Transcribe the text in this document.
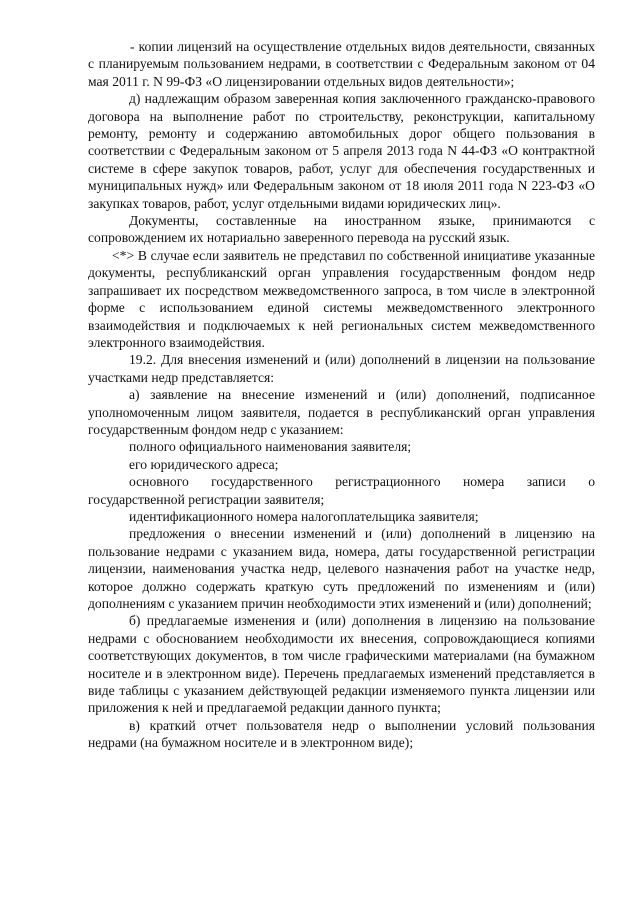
- копии лицензий на осуществление отдельных видов деятельности, связанных с планируемым пользованием недрами, в соответствии с Федеральным законом от 04 мая 2011 г. N 99-ФЗ «О лицензировании отдельных видов деятельности»;

д) надлежащим образом заверенная копия заключенного гражданско-правового договора на выполнение работ по строительству, реконструкции, капитальному ремонту, ремонту и содержанию автомобильных дорог общего пользования в соответствии с Федеральным законом от 5 апреля 2013 года N 44-ФЗ «О контрактной системе в сфере закупок товаров, работ, услуг для обеспечения государственных и муниципальных нужд» или Федеральным законом от 18 июля 2011 года N 223-ФЗ «О закупках товаров, работ, услуг отдельными видами юридических лиц».

Документы, составленные на иностранном языке, принимаются с сопровождением их нотариально заверенного перевода на русский язык.

<*> В случае если заявитель не представил по собственной инициативе указанные документы, республиканский орган управления государственным фондом недр запрашивает их посредством межведомственного запроса, в том числе в электронной форме с использованием единой системы межведомственного электронного взаимодействия и подключаемых к ней региональных систем межведомственного электронного взаимодействия.

19.2. Для внесения изменений и (или) дополнений в лицензии на пользование участками недр представляется:

а) заявление на внесение изменений и (или) дополнений, подписанное уполномоченным лицом заявителя, подается в республиканский орган управления государственным фондом недр с указанием:

полного официального наименования заявителя;

его юридического адреса;

основного государственного регистрационного номера записи о государственной регистрации заявителя;

идентификационного номера налогоплательщика заявителя;

предложения о внесении изменений и (или) дополнений в лицензию на пользование недрами с указанием вида, номера, даты государственной регистрации лицензии, наименования участка недр, целевого назначения работ на участке недр, которое должно содержать краткую суть предложений по изменениям и (или) дополнениям с указанием причин необходимости этих изменений и (или) дополнений;

б) предлагаемые изменения и (или) дополнения в лицензию на пользование недрами с обоснованием необходимости их внесения, сопровождающиеся копиями соответствующих документов, в том числе графическими материалами (на бумажном носителе и в электронном виде). Перечень предлагаемых изменений представляется в виде таблицы с указанием действующей редакции изменяемого пункта лицензии или приложения к ней и предлагаемой редакции данного пункта;

в) краткий отчет пользователя недр о выполнении условий пользования недрами (на бумажном носителе и в электронном виде);
